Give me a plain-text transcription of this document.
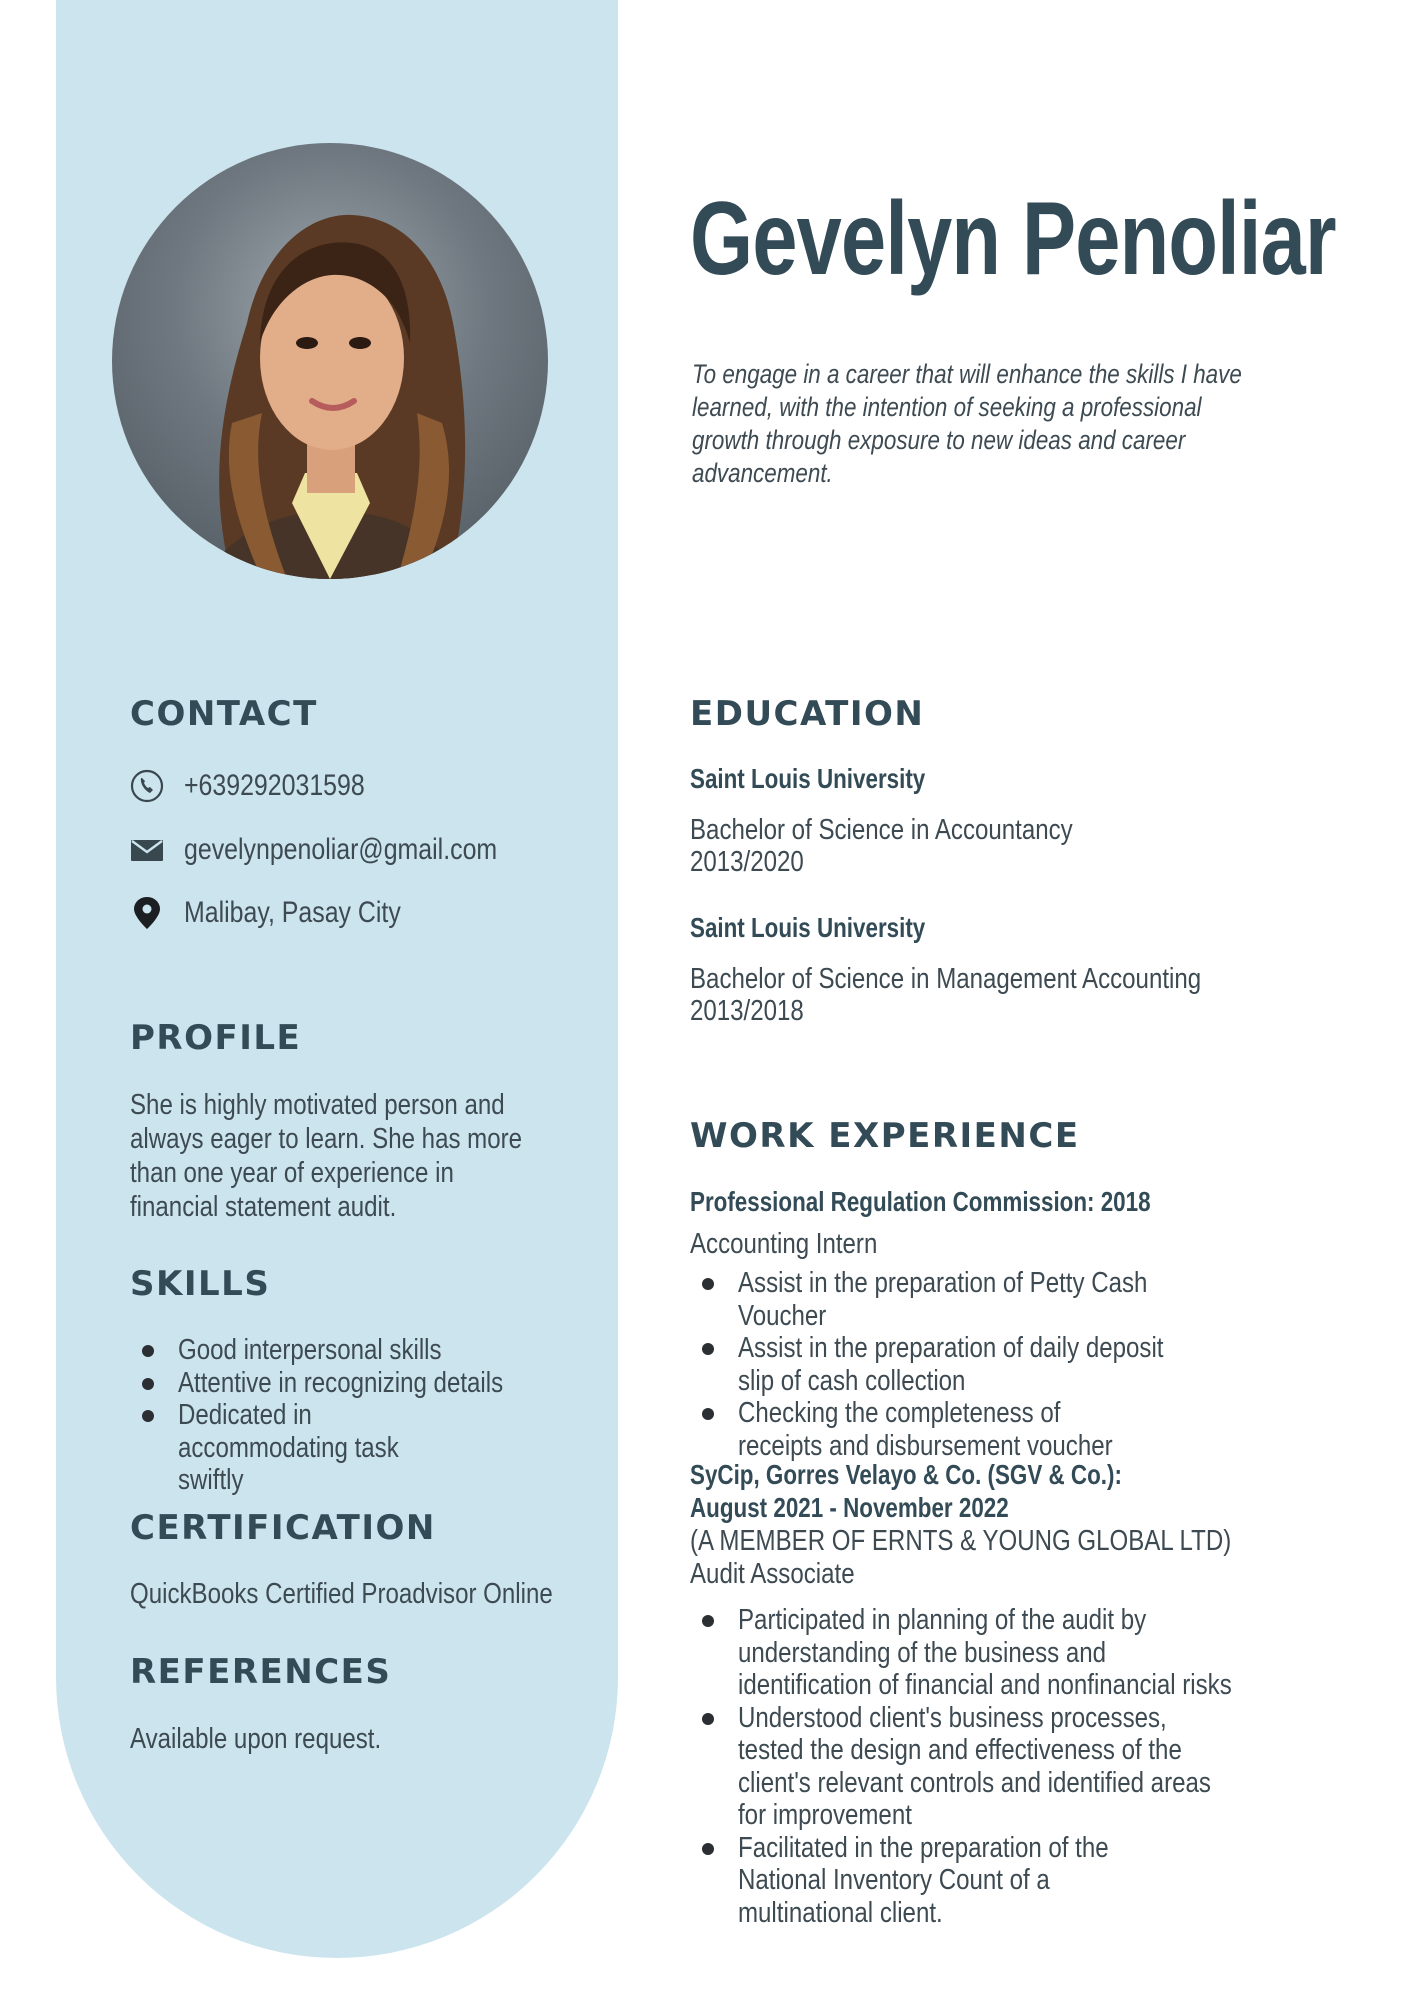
Gevelyn Penoliar

To engage in a career that will enhance the skills I have learned, with the intention of seeking a professional growth through exposure to new ideas and career advancement.

CONTACT
+639292031598
gevelynpenoliar@gmail.com
Malibay, Pasay City
PROFILE

She is highly motivated person and always eager to learn. She has more than one year of experience in financial statement audit.

SKILLS
Good interpersonal skills
Attentive in recognizing details
Dedicated in accommodating task swiftly
CERTIFICATION

QuickBooks Certified Proadvisor Online

REFERENCES

Available upon request.

EDUCATION

Saint Louis University

Bachelor of Science in Accountancy

2013/2020

Saint Louis University

Bachelor of Science in Management Accounting

2013/2018

WORK EXPERIENCE

Professional Regulation Commission: 2018

Accounting Intern

Assist in the preparation of Petty Cash Voucher
Assist in the preparation of daily deposit slip of cash collection
Checking the completeness of receipts and disbursement voucher

SyCip, Gorres Velayo & Co. (SGV & Co.):

August 2021 - November 2022

(A MEMBER OF ERNTS & YOUNG GLOBAL LTD)

Audit Associate

Participated in planning of the audit by understanding of the business and identification of financial and nonfinancial risks
Understood client's business processes, tested the design and effectiveness of the client's relevant controls and identified areas for improvement
Facilitated in the preparation of the National Inventory Count of a multinational client.
